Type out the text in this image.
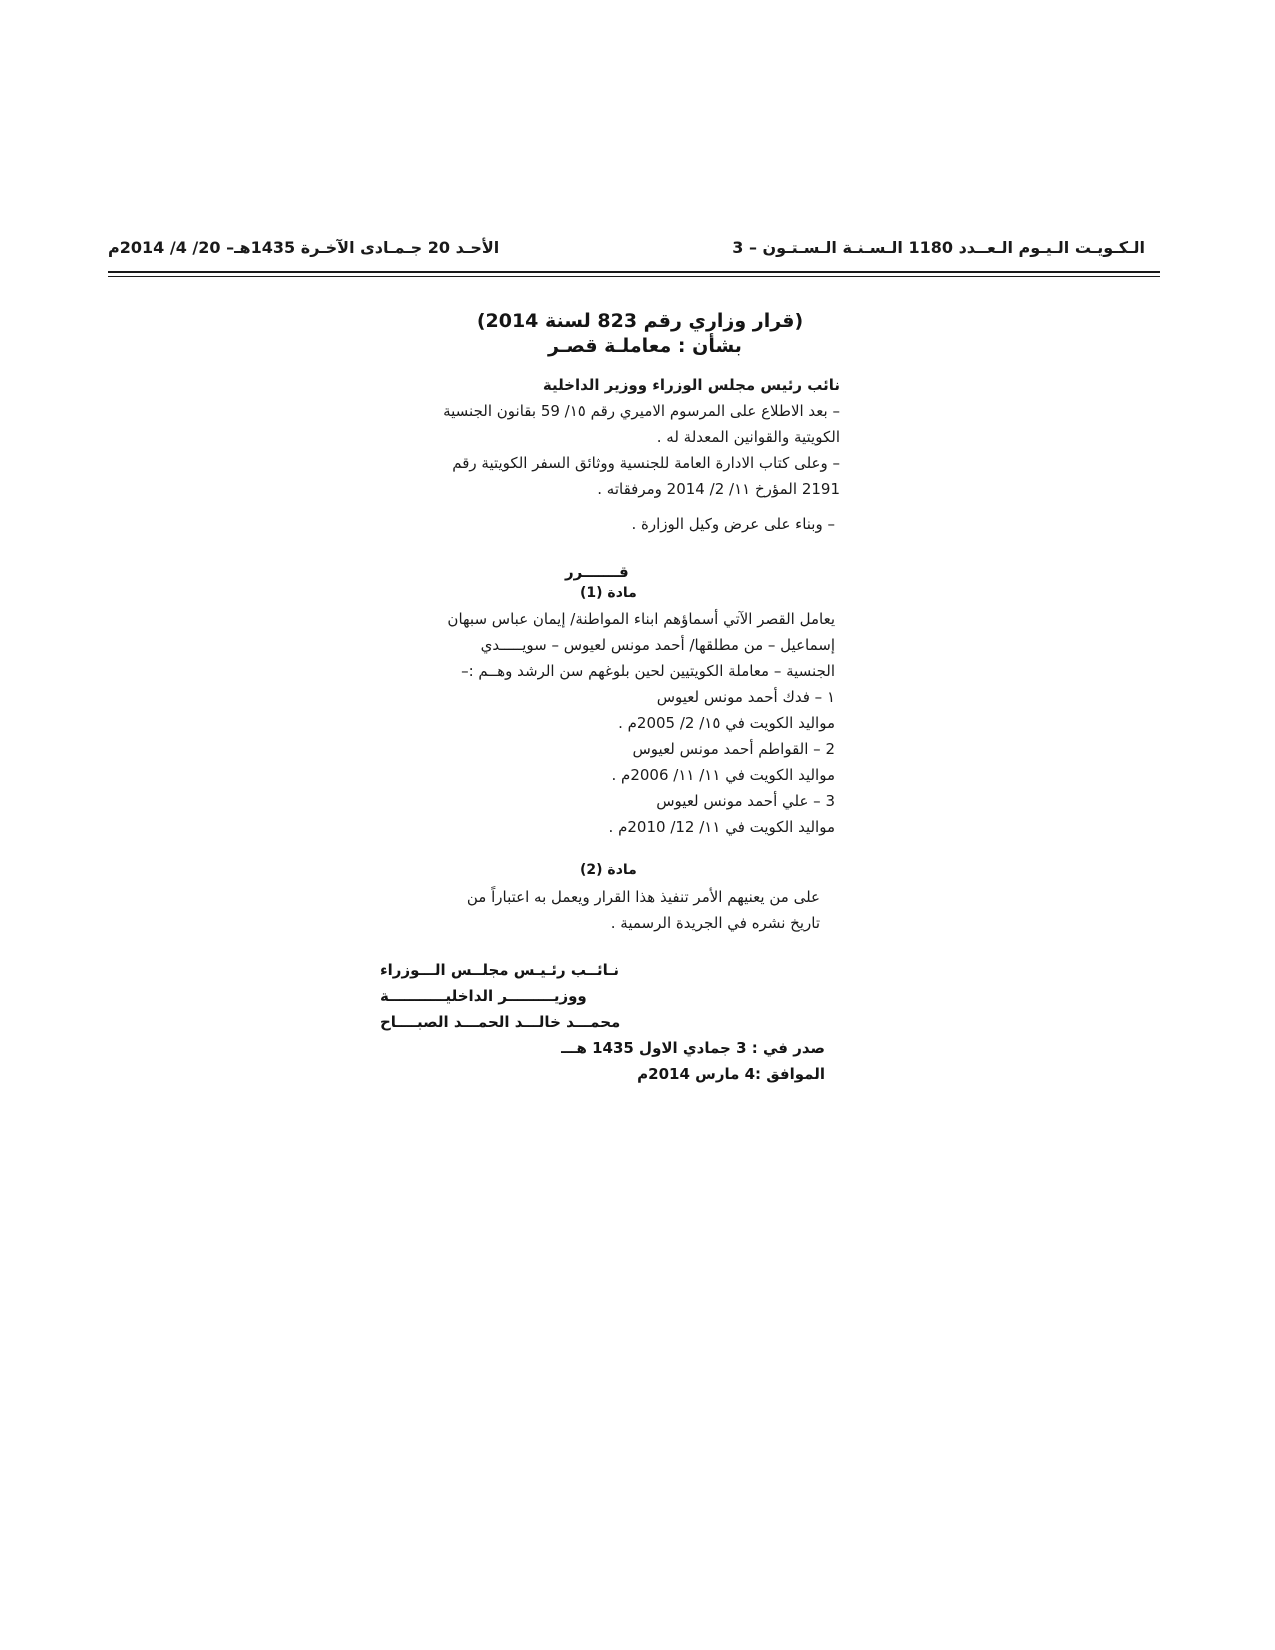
الـكـويـت الـيـوم الـعــدد 1180 الـسـنـة الـسـتـون – 3
الأحـد 20 جـمـادى الآخـرة 1435هـ– 20/ 4/ 2014م
(قرار وزاري رقم 823 لسنة 2014)
بشأن : معاملـة قصـر
نائب رئيس مجلس الوزراء ووزير الداخلية
– بعد الاطلاع على المرسوم الاميري رقم ١٥/ 59 بقانون الجنسية
الكويتية والقوانين المعدلة له .
– وعلى كتاب الادارة العامة للجنسية ووثائق السفر الكويتية رقم
2191 المؤرخ ١١/ 2/ 2014 ومرفقاته .
– وبناء على عرض وكيل الوزارة .
قـــــــرر
مادة (1)
يعامل القصر الآتي أسماؤهم ابناء المواطنة/ إيمان عباس سبهان
إسماعيل – من مطلقها/ أحمد مونس لعيوس – سويـــــدي
الجنسية – معاملة الكويتيين لحين بلوغهم سن الرشد وهــم :–
١ – فدك أحمد مونس لعيوس
مواليد الكويت في ١٥/ 2/ 2005م .
2 – القواطم أحمد مونس لعيوس
مواليد الكويت في ١١/ ١١/ 2006م .
3 – علي أحمد مونس لعيوس
مواليد الكويت في ١١/ 12/ 2010م .
مادة (2)
على من يعنيهم الأمر تنفيذ هذا القرار ويعمل به اعتباراً من
تاريخ نشره في الجريدة الرسمية .
نـائــب رئـيـس مجلــس الـــوزراء
ووزيـــــــــر الداخليـــــــــــة
محمـــد خالـــد الحمـــد الصبــــاح
صدر في : 3 جمادي الاول 1435 هـــ
الموافق :4 مارس 2014م
